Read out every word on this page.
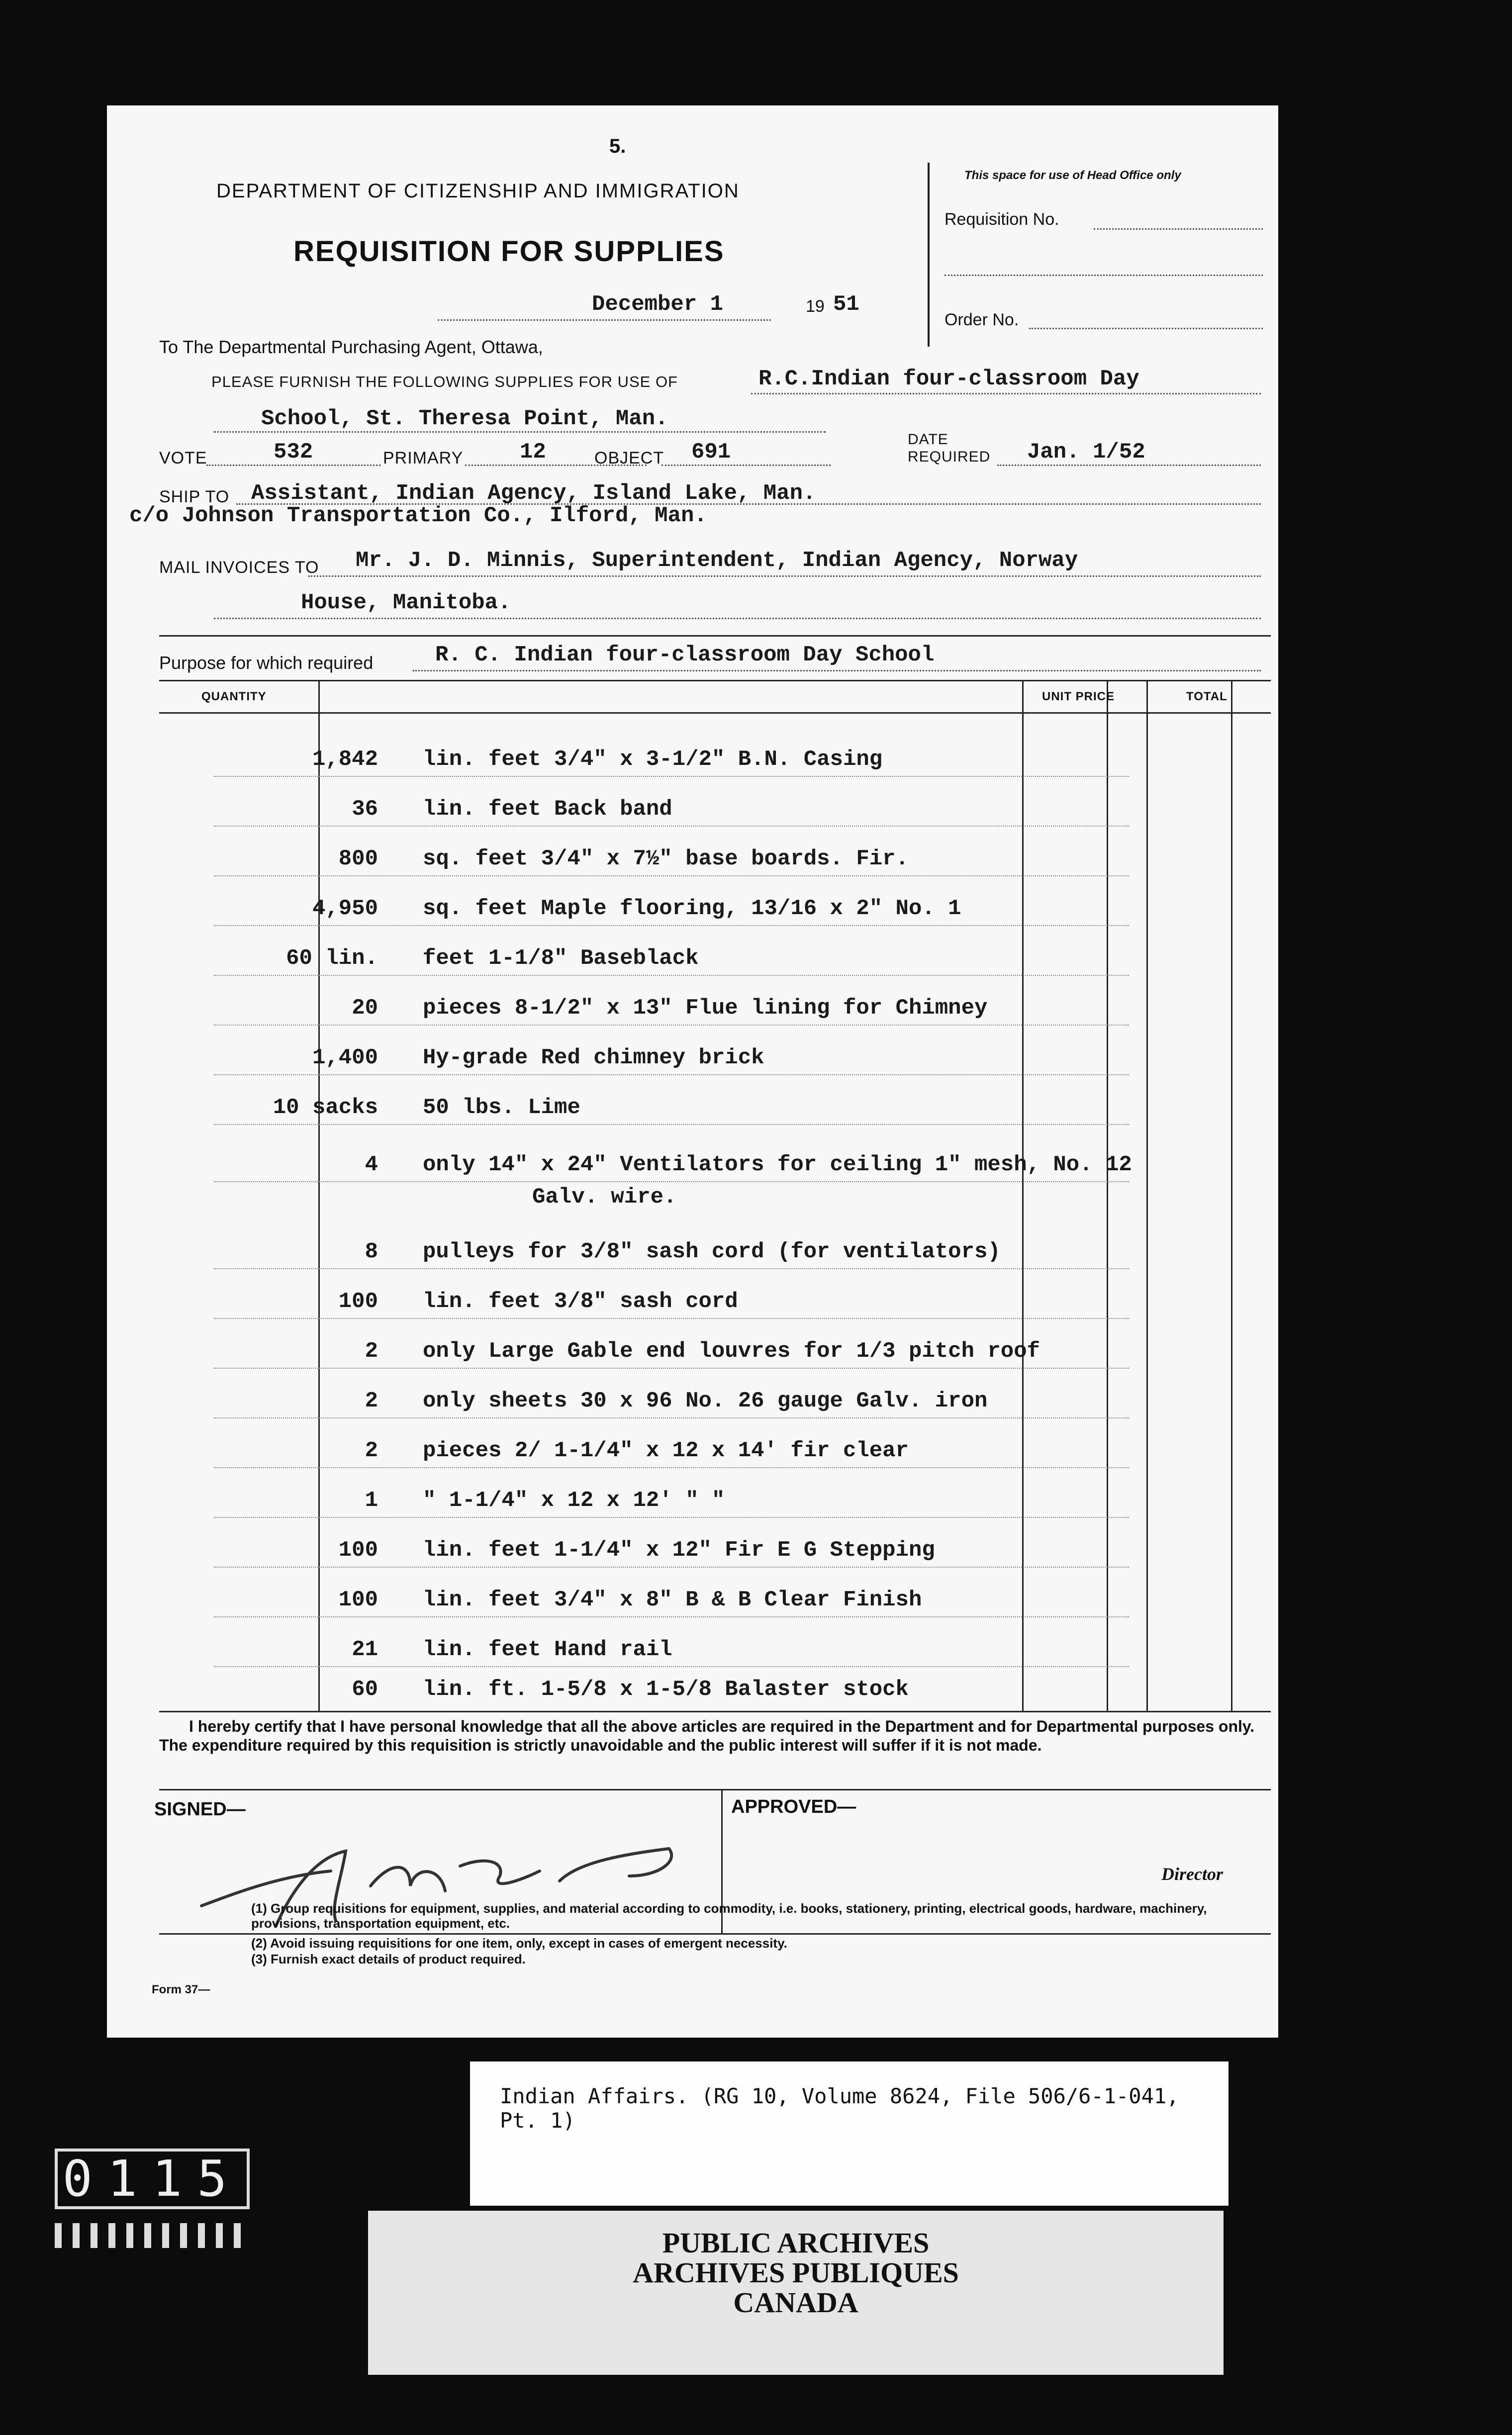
5.
DEPARTMENT OF CITIZENSHIP AND IMMIGRATION
REQUISITION FOR SUPPLIES
This space for use of Head Office only
Requisition No.
Order No.
December 1	19 51
To The Departmental Purchasing Agent, Ottawa,
PLEASE FURNISH THE FOLLOWING SUPPLIES FOR USE OF	R.C.Indian four-classroom Day
School, St. Theresa Point, Man.
VOTE	532	PRIMARY	12	OBJECT 691
DATE
REQUIRED Jan. 1/52
SHIP TO Assistant, Indian Agency, Island Lake, Man.
c/o Johnson Transportation Co., Ilford, Man.
MAIL INVOICES TO Mr. J. D. Minnis, Superintendent, Indian Agency, Norway
House, Manitoba.
Purpose for which required	R. C. Indian four-classroom Day School
QUANTITY	UNIT PRICE	TOTAL
1,842 lin. feet 3/4" x 3-1/2" B.N. Casing
36 lin. feet Back band
800 sq. feet 3/4" x 7½" base boards. Fir.
4,950 sq. feet Maple flooring, 13/16 x 2" No. 1
60 lin. feet 1-1/8" Baseblack
20 pieces 8-1/2" x 13" Flue lining for Chimney
1,400 Hy-grade Red chimney brick
10 sacks 50 lbs. Lime
4 only 14" x 24" Ventilators for ceiling 1" mesh, No. 12
Galv. wire.
8 pulleys for 3/8" sash cord (for ventilators)
100 lin. feet 3/8" sash cord
2 only Large Gable end louvres for 1/3 pitch roof
2 only sheets 30 x 96 No. 26 gauge Galv. iron
2 pieces 2/ 1-1/4" x 12 x 14' fir clear
1 " 1-1/4" x 12 x 12' " "
100 lin. feet 1-1/4" x 12" Fir E G Stepping
100 lin. feet 3/4" x 8" B & B Clear Finish
21 lin. feet Hand rail
60 lin. ft. 1-5/8 x 1-5/8 Balaster stock
I hereby certify that I have personal knowledge that all the above articles are required in the Department and for Departmental purposes only. The expenditure required by this requisition is strictly unavoidable and the public interest will suffer if it is not made.
SIGNED—	APPROVED—
Director
(1) Group requisitions for equipment, supplies, and material according to commodity, i.e. books, stationery, printing, electrical goods, hardware, machinery, provisions, transportation equipment, etc.
(2) Avoid issuing requisitions for one item, only, except in cases of emergent necessity.
(3) Furnish exact details of product required.
Form 37—
Indian Affairs. (RG 10, Volume 8624, File 506/6-1-041, Pt. 1)
0115
PUBLIC ARCHIVES
ARCHIVES PUBLIQUES
CANADA
